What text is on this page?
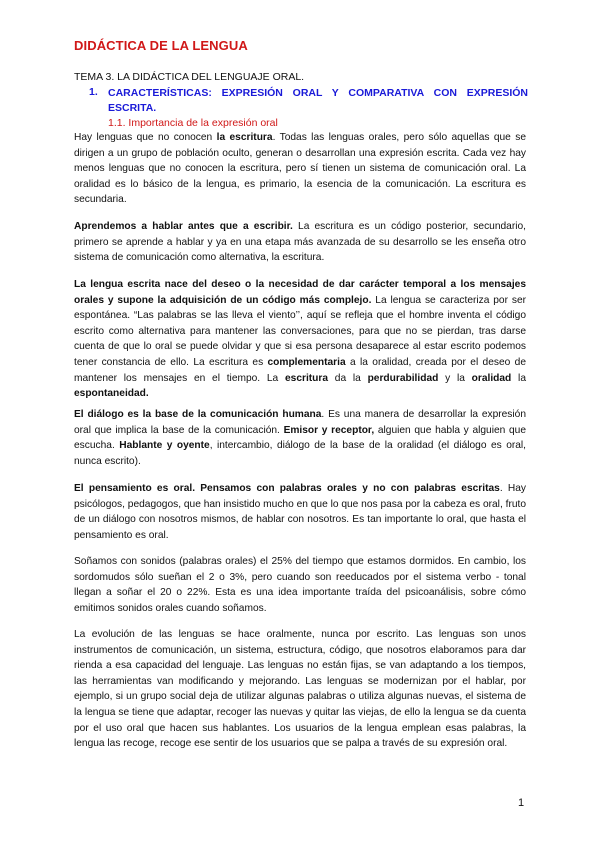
DIDÁCTICA DE LA LENGUA
TEMA 3. LA DIDÁCTICA DEL LENGUAJE ORAL.
1. CARACTERÍSTICAS: EXPRESIÓN ORAL Y COMPARATIVA CON EXPRESIÓN ESCRITA.
1.1. Importancia de la expresión oral
Hay lenguas que no conocen la escritura. Todas las lenguas orales, pero sólo aquellas que se dirigen a un grupo de población oculto, generan o desarrollan una expresión escrita. Cada vez hay menos lenguas que no conocen la escritura, pero sí tienen un sistema de comunicación oral. La oralidad es lo básico de la lengua, es primario, la esencia de la comunicación. La escritura es secundaria.
Aprendemos a hablar antes que a escribir. La escritura es un código posterior, secundario, primero se aprende a hablar y ya en una etapa más avanzada de su desarrollo se les enseña otro sistema de comunicación como alternativa, la escritura.
La lengua escrita nace del deseo o la necesidad de dar carácter temporal a los mensajes orales y supone la adquisición de un código más complejo. La lengua se caracteriza por ser espontánea. “Las palabras se las lleva el viento’’, aquí se refleja que el hombre inventa el código escrito como alternativa para mantener las conversaciones, para que no se pierdan, tras darse cuenta de que lo oral se puede olvidar y que si esa persona desaparece al estar escrito podemos tener constancia de ello. La escritura es complementaria a la oralidad, creada por el deseo de mantener los mensajes en el tiempo. La escritura da la perdurabilidad y la oralidad la espontaneidad.
El diálogo es la base de la comunicación humana. Es una manera de desarrollar la expresión oral que implica la base de la comunicación. Emisor y receptor, alguien que habla y alguien que escucha. Hablante y oyente, intercambio, diálogo de la base de la oralidad (el diálogo es oral, nunca escrito).
El pensamiento es oral. Pensamos con palabras orales y no con palabras escritas. Hay psicólogos, pedagogos, que han insistido mucho en que lo que nos pasa por la cabeza es oral, fruto de un diálogo con nosotros mismos, de hablar con nosotros. Es tan importante lo oral, que hasta el pensamiento es oral.
Soñamos con sonidos (palabras orales) el 25% del tiempo que estamos dormidos. En cambio, los sordomudos sólo sueñan el 2 o 3%, pero cuando son reeducados por el sistema verbo - tonal llegan a soñar el 20 o 22%. Esta es una idea importante traída del psicoanálisis, sobre cómo emitimos sonidos orales cuando soñamos.
La evolución de las lenguas se hace oralmente, nunca por escrito. Las lenguas son unos instrumentos de comunicación, un sistema, estructura, código, que nosotros elaboramos para dar rienda a esa capacidad del lenguaje. Las lenguas no están fijas, se van adaptando a los tiempos, las herramientas van modificando y mejorando. Las lenguas se modernizan por el hablar, por ejemplo, si un grupo social deja de utilizar algunas palabras o utiliza algunas nuevas, el sistema de la lengua se tiene que adaptar, recoger las nuevas y quitar las viejas, de ello la lengua se da cuenta por el uso oral que hacen sus hablantes. Los usuarios de la lengua emplean esas palabras, la lengua las recoge, recoge ese sentir de los usuarios que se palpa a través de su expresión oral.
1
